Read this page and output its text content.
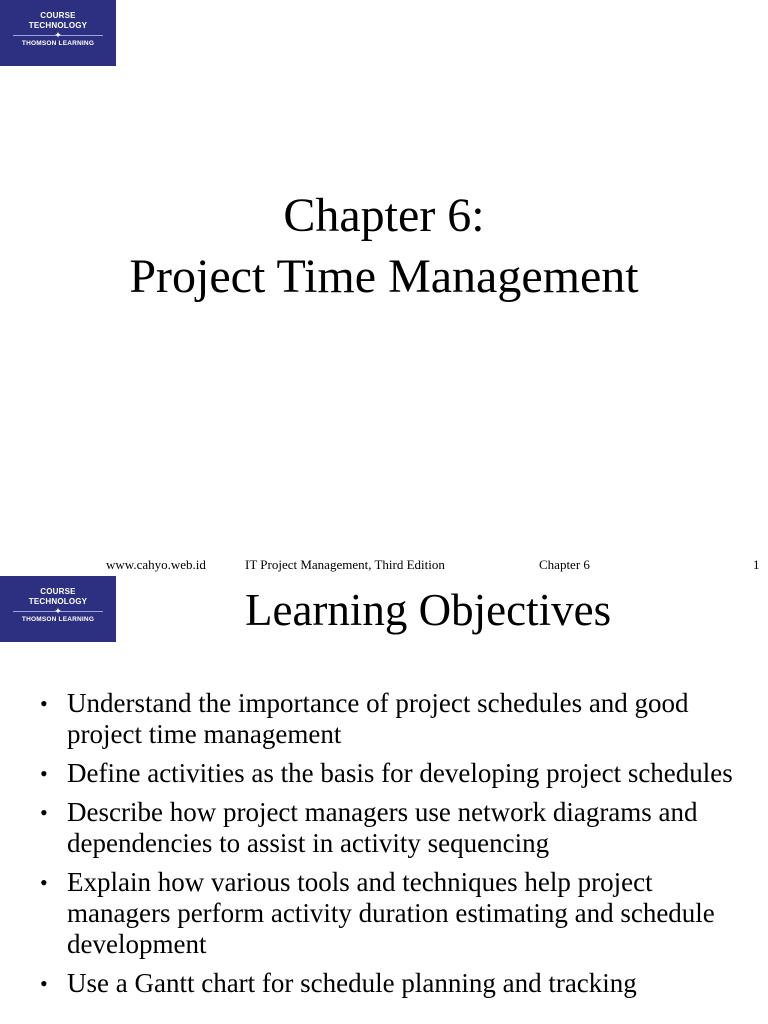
COURSE
TECHNOLOGY
✦
THOMSON LEARNING
Chapter 6:
Project Time Management
www.cahyo.web.id	IT Project Management, Third Edition	Chapter 6	1
COURSE
TECHNOLOGY
✦
THOMSON LEARNING	Learning Objectives
• Understand the importance of project schedules and good project time management
• Define activities as the basis for developing project schedules
• Describe how project managers use network diagrams and dependencies to assist in activity sequencing
• Explain how various tools and techniques help project managers perform activity duration estimating and schedule development
• Use a Gantt chart for schedule planning and tracking
